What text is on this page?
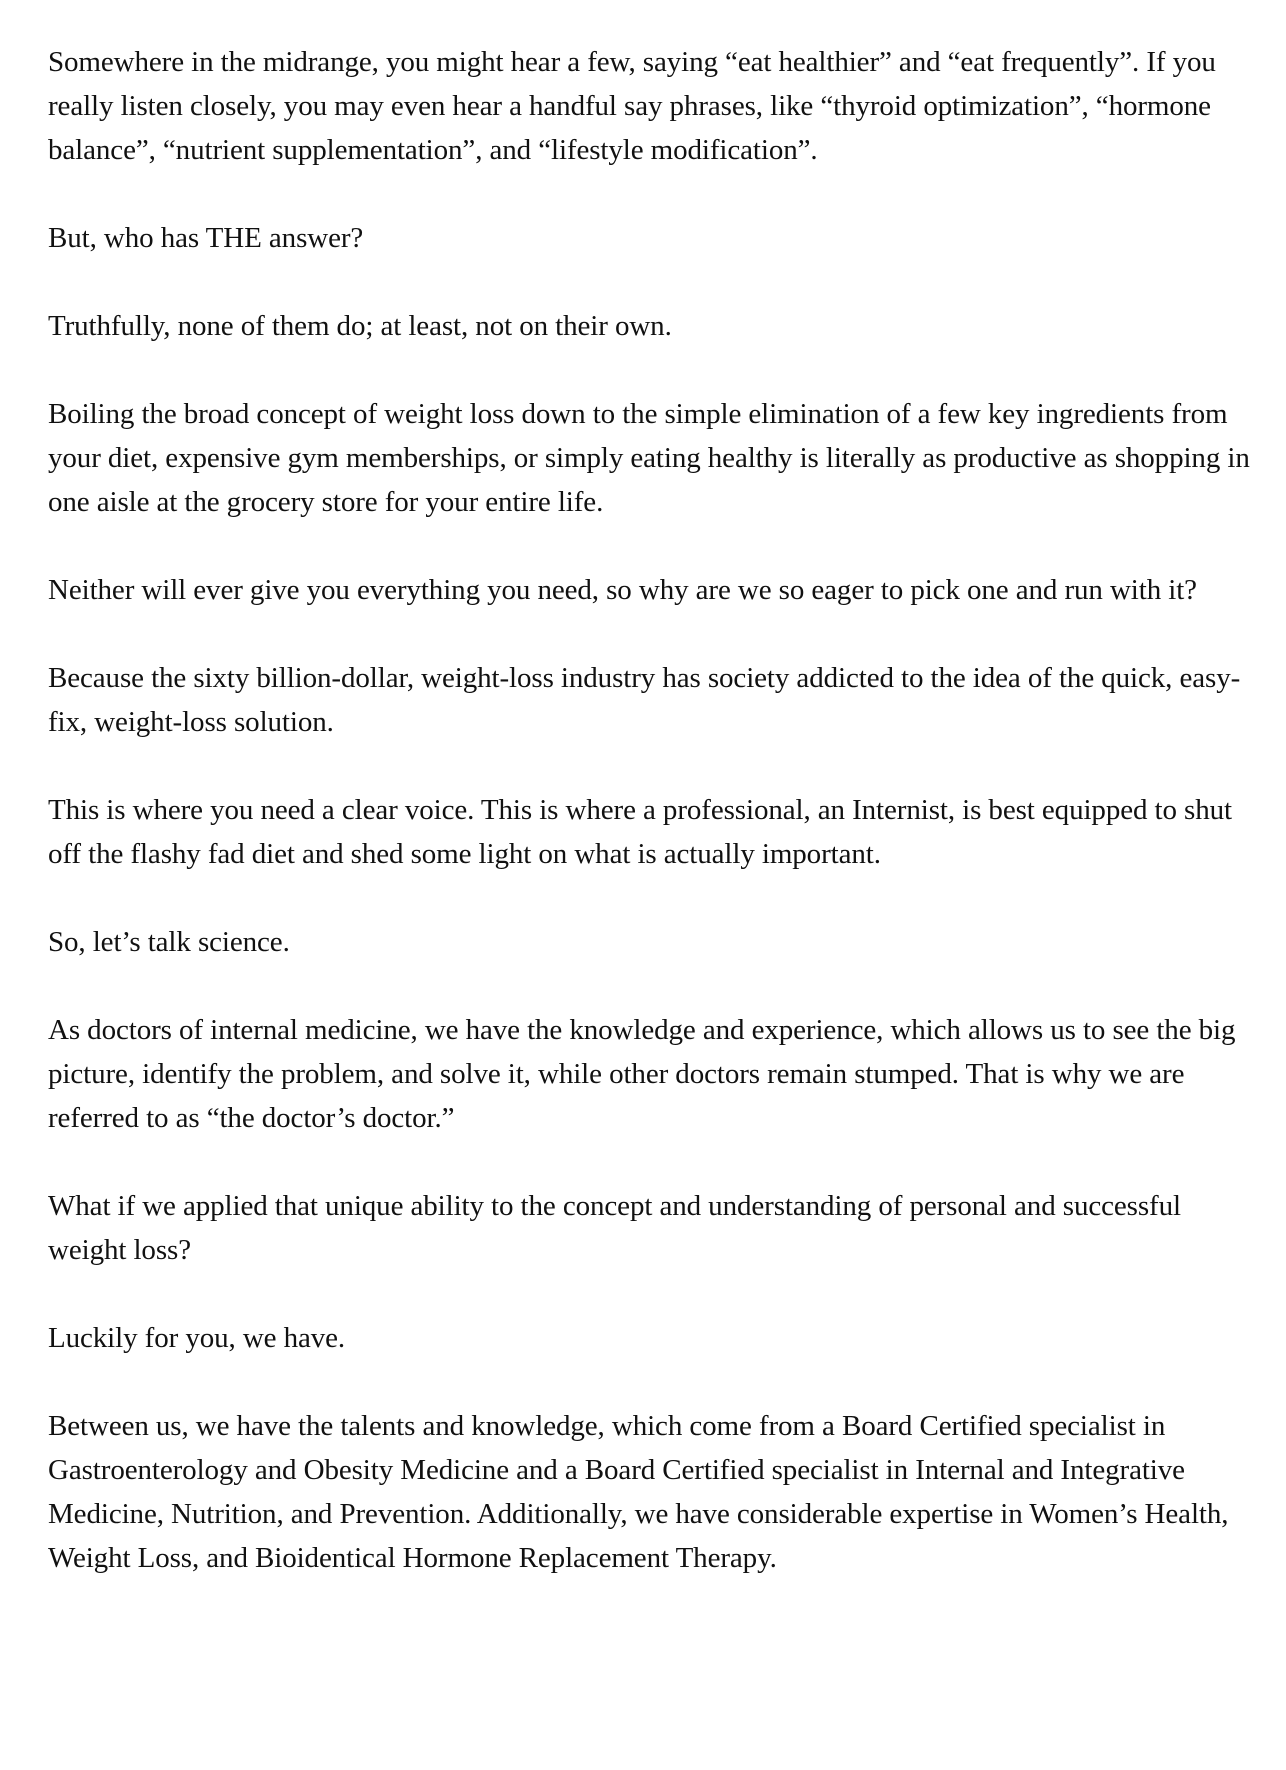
Somewhere in the midrange, you might hear a few, saying “eat healthier” and “eat frequently”. If you really listen closely, you may even hear a handful say phrases, like “thyroid optimization”, “hormone balance”, “nutrient supplementation”, and “lifestyle modification”.

But, who has THE answer?

Truthfully, none of them do; at least, not on their own.

Boiling the broad concept of weight loss down to the simple elimination of a few key ingredients from your diet, expensive gym memberships, or simply eating healthy is literally as productive as shopping in one aisle at the grocery store for your entire life.

Neither will ever give you everything you need, so why are we so eager to pick one and run with it?

Because the sixty billion-dollar, weight-loss industry has society addicted to the idea of the quick, easy-fix, weight-loss solution.

This is where you need a clear voice. This is where a professional, an Internist, is best equipped to shut off the flashy fad diet and shed some light on what is actually important.

So, let’s talk science.

As doctors of internal medicine, we have the knowledge and experience, which allows us to see the big picture, identify the problem, and solve it, while other doctors remain stumped. That is why we are referred to as “the doctor’s doctor.”

What if we applied that unique ability to the concept and understanding of personal and successful weight loss?

Luckily for you, we have.

Between us, we have the talents and knowledge, which come from a Board Certified specialist in Gastroenterology and Obesity Medicine and a Board Certified specialist in Internal and Integrative Medicine, Nutrition, and Prevention. Additionally, we have considerable expertise in Women’s Health, Weight Loss, and Bioidentical Hormone Replacement Therapy.
